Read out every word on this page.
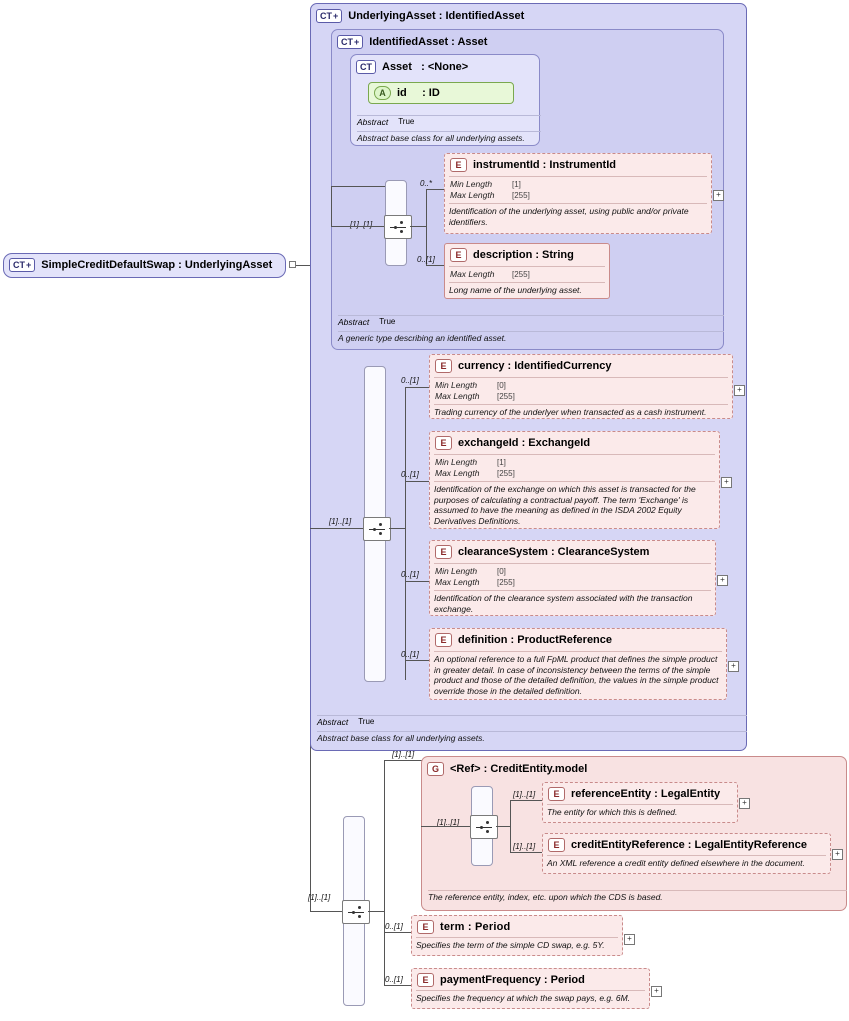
CT + SimpleCreditDefaultSwap : UnderlyingAsset
CT + UnderlyingAsset : IdentifiedAsset
Abstract True
Abstract base class for all underlying assets.
CT + IdentifiedAsset : Asset
Abstract True
A generic type describing an identified asset.
CT Asset : <None>
A id : ID
Abstract True
Abstract base class for all underlying assets.
[1]..[1]
0..*
0..[1]
E instrumentId : InstrumentId
Min Length	[1]
Max Length	[255]
Identification of the underlying asset, using public and/or private identifiers.
+
E description : String
Max Length	[255]
Long name of the underlying asset.
[1]..[1]
0..[1]
0..[1]
0..[1]
0..[1]
E currency : IdentifiedCurrency
Min Length	[0]
Max Length	[255]
Trading currency of the underlyer when transacted as a cash instrument.
+
E exchangeId : ExchangeId
Min Length	[1]
Max Length	[255]
Identification of the exchange on which this asset is transacted for the purposes of calculating a contractual payoff. The term 'Exchange' is assumed to have the meaning as defined in the ISDA 2002 Equity Derivatives Definitions.
+
E clearanceSystem : ClearanceSystem
Min Length	[0]
Max Length	[255]
Identification of the clearance system associated with the transaction exchange.
+
E definition : ProductReference
An optional reference to a full FpML product that defines the simple product in greater detail. In case of inconsistency between the terms of the simple product and those of the detailed definition, the values in the simple product override those in the detailed definition.
+
[1]..[1]
[1]..[1]
0..[1]
0..[1]
G <Ref> : CreditEntity.model
The reference entity, index, etc. upon which the CDS is based.
[1]..[1]
[1]..[1]
[1]..[1]
E referenceEntity : LegalEntity
The entity for which this is defined.
+
E creditEntityReference : LegalEntityReference
An XML reference a credit entity defined elsewhere in the document.
+
E term : Period
Specifies the term of the simple CD swap, e.g. 5Y.
+
E paymentFrequency : Period
Specifies the frequency at which the swap pays, e.g. 6M.
+
